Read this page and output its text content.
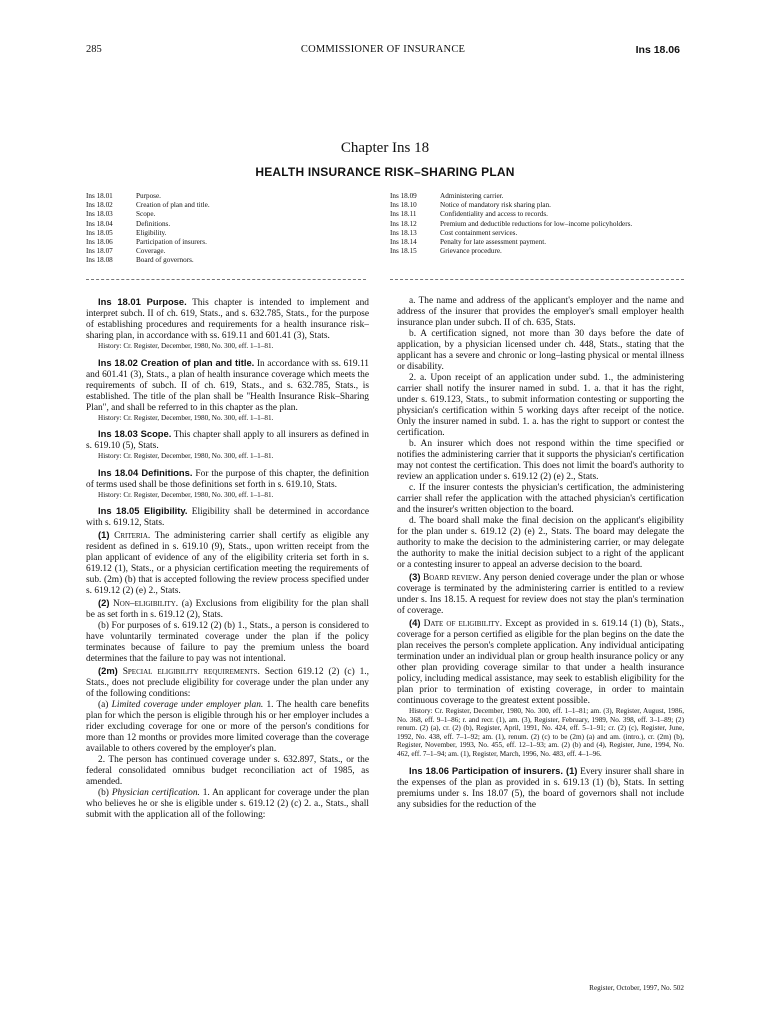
285	COMMISSIONER OF INSURANCE	Ins 18.06
Chapter Ins 18
HEALTH INSURANCE RISK–SHARING PLAN
Ins 18.01	Purpose.
Ins 18.02	Creation of plan and title.
Ins 18.03	Scope.
Ins 18.04	Definitions.
Ins 18.05	Eligibility.
Ins 18.06	Participation of insurers.
Ins 18.07	Coverage.
Ins 18.08	Board of governors.
Ins 18.09	Administering carrier.
Ins 18.10	Notice of mandatory risk sharing plan.
Ins 18.11	Confidentiality and access to records.
Ins 18.12	Premium and deductible reductions for low–income policyholders.
Ins 18.13	Cost containment services.
Ins 18.14	Penalty for late assessment payment.
Ins 18.15	Grievance procedure.

Ins 18.01 Purpose. This chapter is intended to implement and interpret subch. II of ch. 619, Stats., and s. 632.785, Stats., for the purpose of establishing procedures and requirements for a health insurance risk–sharing plan, in accordance with ss. 619.11 and 601.41 (3), Stats.

History: Cr. Register, December, 1980, No. 300, eff. 1–1–81.

Ins 18.02 Creation of plan and title. In accordance with ss. 619.11 and 601.41 (3), Stats., a plan of health insurance coverage which meets the requirements of subch. II of ch. 619, Stats., and s. 632.785, Stats., is established. The title of the plan shall be "Health Insurance Risk–Sharing Plan", and shall be referred to in this chapter as the plan.

History: Cr. Register, December, 1980, No. 300, eff. 1–1–81.

Ins 18.03 Scope. This chapter shall apply to all insurers as defined in s. 619.10 (5), Stats.

History: Cr. Register, December, 1980, No. 300, eff. 1–1–81.

Ins 18.04 Definitions. For the purpose of this chapter, the definition of terms used shall be those definitions set forth in s. 619.10, Stats.

History: Cr. Register, December, 1980, No. 300, eff. 1–1–81.

Ins 18.05 Eligibility. Eligibility shall be determined in accordance with s. 619.12, Stats.

(1) Criteria. The administering carrier shall certify as eligible any resident as defined in s. 619.10 (9), Stats., upon written receipt from the plan applicant of evidence of any of the eligibility criteria set forth in s. 619.12 (1), Stats., or a physician certification meeting the requirements of sub. (2m) (b) that is accepted following the review process specified under s. 619.12 (2) (e) 2., Stats.

(2) Non–eligibility. (a) Exclusions from eligibility for the plan shall be as set forth in s. 619.12 (2), Stats.

(b) For purposes of s. 619.12 (2) (b) 1., Stats., a person is considered to have voluntarily terminated coverage under the plan if the policy terminates because of failure to pay the premium unless the board determines that the failure to pay was not intentional.

(2m) Special eligibility requirements. Section 619.12 (2) (c) 1., Stats., does not preclude eligibility for coverage under the plan under any of the following conditions:

(a) Limited coverage under employer plan. 1. The health care benefits plan for which the person is eligible through his or her employer includes a rider excluding coverage for one or more of the person's conditions for more than 12 months or provides more limited coverage than the coverage available to others covered by the employer's plan.

2. The person has continued coverage under s. 632.897, Stats., or the federal consolidated omnibus budget reconciliation act of 1985, as amended.

(b) Physician certification. 1. An applicant for coverage under the plan who believes he or she is eligible under s. 619.12 (2) (c) 2. a., Stats., shall submit with the application all of the following:

a. The name and address of the applicant's employer and the name and address of the insurer that provides the employer's small employer health insurance plan under subch. II of ch. 635, Stats.

b. A certification signed, not more than 30 days before the date of application, by a physician licensed under ch. 448, Stats., stating that the applicant has a severe and chronic or long–lasting physical or mental illness or disability.

2. a. Upon receipt of an application under subd. 1., the administering carrier shall notify the insurer named in subd. 1. a. that it has the right, under s. 619.123, Stats., to submit information contesting or supporting the physician's certification within 5 working days after receipt of the notice. Only the insurer named in subd. 1. a. has the right to support or contest the certification.

b. An insurer which does not respond within the time specified or notifies the administering carrier that it supports the physician's certification may not contest the certification. This does not limit the board's authority to review an application under s. 619.12 (2) (e) 2., Stats.

c. If the insurer contests the physician's certification, the administering carrier shall refer the application with the attached physician's certification and the insurer's written objection to the board.

d. The board shall make the final decision on the applicant's eligibility for the plan under s. 619.12 (2) (e) 2., Stats. The board may delegate the authority to make the decision to the administering carrier, or may delegate the authority to make the initial decision subject to a right of the applicant or a contesting insurer to appeal an adverse decision to the board.

(3) Board review. Any person denied coverage under the plan or whose coverage is terminated by the administering carrier is entitled to a review under s. Ins 18.15. A request for review does not stay the plan's termination of coverage.

(4) Date of eligibility. Except as provided in s. 619.14 (1) (b), Stats., coverage for a person certified as eligible for the plan begins on the date the plan receives the person's complete application. Any individual anticipating termination under an individual plan or group health insurance policy or any other plan providing coverage similar to that under a health insurance policy, including medical assistance, may seek to establish eligibility for the plan prior to termination of existing coverage, in order to maintain continuous coverage to the greatest extent possible.

History: Cr. Register, December, 1980, No. 300, eff. 1–1–81; am. (3), Register, August, 1986, No. 368, eff. 9–1–86; r. and recr. (1), am. (3), Register, February, 1989, No. 398, eff. 3–1–89; (2) renum. (2) (a), cr. (2) (b), Register, April, 1991, No. 424, eff. 5–1–91; cr. (2) (c), Register, June, 1992, No. 438, eff. 7–1–92; am. (1), renum. (2) (c) to be (2m) (a) and am. (intro.), cr. (2m) (b), Register, November, 1993, No. 455, eff. 12–1–93; am. (2) (b) and (4), Register, June, 1994, No. 462, eff. 7–1–94; am. (1), Register, March, 1996, No. 483, eff. 4–1–96.

Ins 18.06 Participation of insurers. (1) Every insurer shall share in the expenses of the plan as provided in s. 619.13 (1) (b), Stats. In setting premiums under s. Ins 18.07 (5), the board of governors shall not include any subsidies for the reduction of the

Register, October, 1997, No. 502
